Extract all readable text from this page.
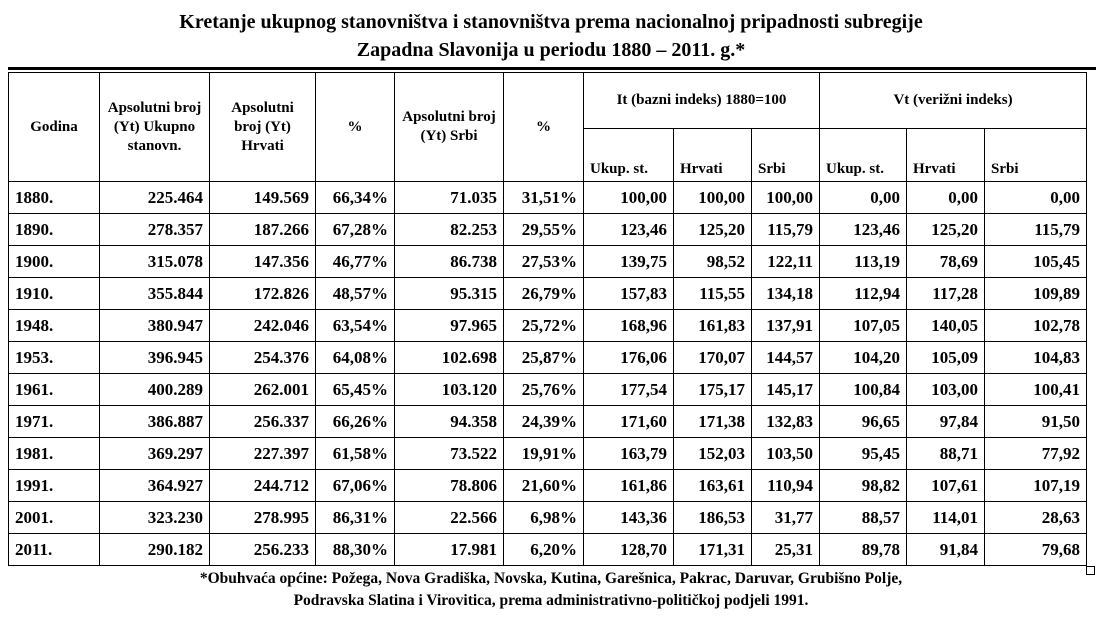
Kretanje ukupnog stanovništva i stanovništva prema nacionalnoj pripadnosti subregije
Zapadna Slavonija u periodu 1880 – 2011. g.*
Godina	Apsolutni broj (Yt) Ukupno stanovn.	Apsolutni broj (Yt) Hrvati	%	Apsolutni broj (Yt) Srbi	%	It (bazni indeks) 1880=100			Vt (verižni indeks)		
						Ukup. st.	Hrvati	Srbi	Ukup. st.	Hrvati	Srbi
1880.	225.464	149.569	66,34%	71.035	31,51%	100,00	100,00	100,00	0,00	0,00	0,00
1890.	278.357	187.266	67,28%	82.253	29,55%	123,46	125,20	115,79	123,46	125,20	115,79
1900.	315.078	147.356	46,77%	86.738	27,53%	139,75	98,52	122,11	113,19	78,69	105,45
1910.	355.844	172.826	48,57%	95.315	26,79%	157,83	115,55	134,18	112,94	117,28	109,89
1948.	380.947	242.046	63,54%	97.965	25,72%	168,96	161,83	137,91	107,05	140,05	102,78
1953.	396.945	254.376	64,08%	102.698	25,87%	176,06	170,07	144,57	104,20	105,09	104,83
1961.	400.289	262.001	65,45%	103.120	25,76%	177,54	175,17	145,17	100,84	103,00	100,41
1971.	386.887	256.337	66,26%	94.358	24,39%	171,60	171,38	132,83	96,65	97,84	91,50
1981.	369.297	227.397	61,58%	73.522	19,91%	163,79	152,03	103,50	95,45	88,71	77,92
1991.	364.927	244.712	67,06%	78.806	21,60%	161,86	163,61	110,94	98,82	107,61	107,19
2001.	323.230	278.995	86,31%	22.566	6,98%	143,36	186,53	31,77	88,57	114,01	28,63
2011.	290.182	256.233	88,30%	17.981	6,20%	128,70	171,31	25,31	89,78	91,84	79,68
*Obuhvaća općine: Požega, Nova Gradiška, Novska, Kutina, Garešnica, Pakrac, Daruvar, Grubišno Polje,
Podravska Slatina i Virovitica, prema administrativno-političkoj podjeli 1991.
